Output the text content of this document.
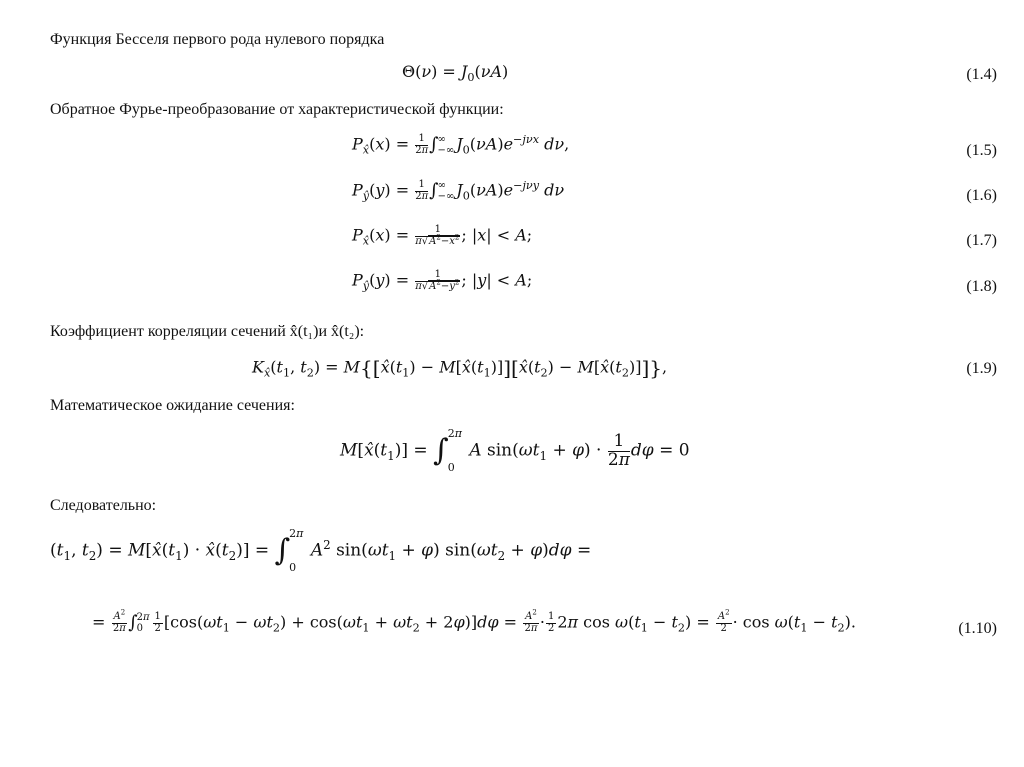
Функция Бесселя первого рода нулевого порядка
$\Theta(\nu) = J_0(\nu A)$	(1.4)
Обратное Фурье-преобразование от характеристической функции:
$P_{x̂}(x) = \frac{1}{2\pi}$ ∫ ∞
−∞ $J_0(\nu A)e^{-j\nu x}$ dν,	(1.5)
$P_ŷ(y) = \frac{1}{2\pi}$ ∫ ∞
−∞ $J_0(\nu A)e^{-j\nu y}$ dν	(1.6)
$P_{x̂}(x) = \frac{1}{\pi√A^2-x^2}$ ; |x| < A;	(1.7)
$P_ŷ(y) = \frac{1}{\pi√A^2-y^2}$ ; |y| < A;	(1.8)
Коэффициент корреляции сечений x̂(t₁)и x̂(t₂):
$K_{x̂}(t_1$, $t_2$) = $M\{[x̂(t_1)$ − $M[x̂(t_1)]][x̂(t_2)$ − $M[x̂(t_2)]$]},	(1.9)
Математическое ожидание сечения:
$M[x̂(t_1)]$ = ∫ 2π
0
A $\sin(\omega t_1 + \varphi) \cdot \frac{1}{2\pi}$ dφ = 0
Следовательно:
($t_1$, $t_2$) = $M[x̂(t_1)$ · $x̂(t_2)$] = ∫ 2π
0
$A^2$ $\sin(\omega t_1 + \varphi) \sin(\omega t_2 + \varphi)d\varphi$ =
= $\frac{A^2}{2\pi}$ ∫ 2π
$0 \frac{1}{2} [\cos(\omega t_1 - \omega t_2) + \cos(\omega t_1 + \omega t_2 + 2\varphi)]d\varphi = \frac{A^2}{2\pi} \cdot \frac{1}{2} 2\pi$ $\cos \omega(t_1 - t_2) = \frac{A^2}{2} \cdot \cos \omega(t_1 - t_2)$.	(1.10)
